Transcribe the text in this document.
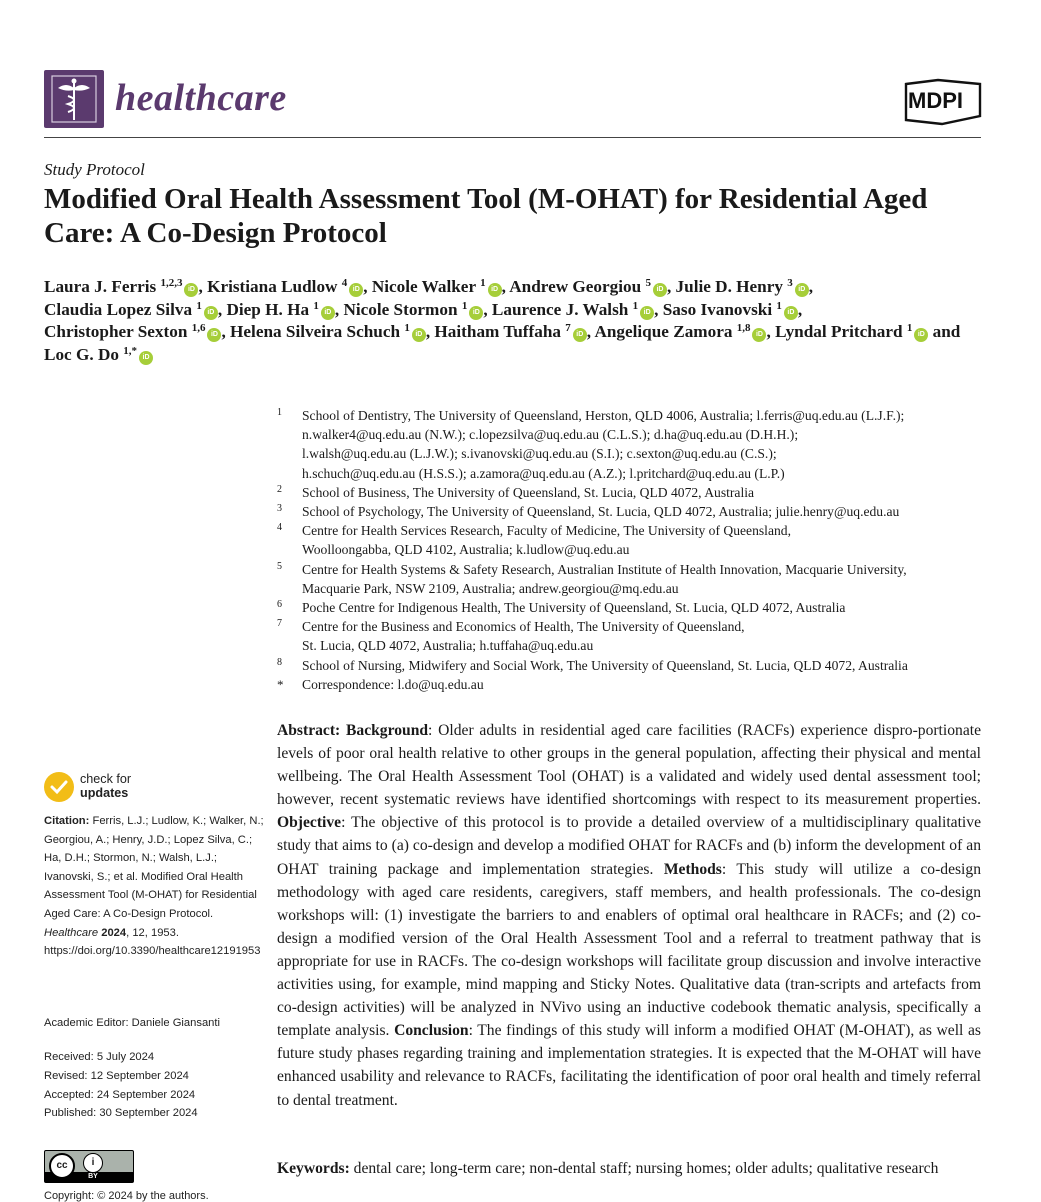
healthcare	MDPI
Study Protocol
Modified Oral Health Assessment Tool (M-OHAT) for Residential Aged Care: A Co-Design Protocol
Laura J. Ferris $^{1,2,3}$iD , Kristiana Ludlow $^4$iD , Nicole Walker $^1$iD , Andrew Georgiou $^5$iD , Julie D. Henry $^3$iD , Claudia Lopez Silva $^1$iD , Diep H. Ha $^1$iD , Nicole Stormon $^1$iD , Laurence J. Walsh $^1$iD , Saso Ivanovski $^1$iD , Christopher Sexton $^{1,6}$iD , Helena Silveira Schuch $^1$iD , Haitham Tuffaha $^7$iD , Angelique Zamora $^{1,8}$iD , Lyndal Pritchard $^1$iD and Loc G. Do $^{1,*}$iD
1 School of Dentistry, The University of Queensland, Herston, QLD 4006, Australia; l.ferris@uq.edu.au (L.J.F.);
n.walker4@uq.edu.au (N.W.); c.lopezsilva@uq.edu.au (C.L.S.); d.ha@uq.edu.au (D.H.H.);
l.walsh@uq.edu.au (L.J.W.); s.ivanovski@uq.edu.au (S.I.); c.sexton@uq.edu.au (C.S.);
h.schuch@uq.edu.au (H.S.S.); a.zamora@uq.edu.au (A.Z.); l.pritchard@uq.edu.au (L.P.)
2 School of Business, The University of Queensland, St. Lucia, QLD 4072, Australia
3 School of Psychology, The University of Queensland, St. Lucia, QLD 4072, Australia; julie.henry@uq.edu.au
4 Centre for Health Services Research, Faculty of Medicine, The University of Queensland,
Woolloongabba, QLD 4102, Australia; k.ludlow@uq.edu.au
5 Centre for Health Systems & Safety Research, Australian Institute of Health Innovation, Macquarie University,
Macquarie Park, NSW 2109, Australia; andrew.georgiou@mq.edu.au
6 Poche Centre for Indigenous Health, The University of Queensland, St. Lucia, QLD 4072, Australia
7 Centre for the Business and Economics of Health, The University of Queensland,
St. Lucia, QLD 4072, Australia; h.tuffaha@uq.edu.au
8 School of Nursing, Midwifery and Social Work, The University of Queensland, St. Lucia, QLD 4072, Australia
* Correspondence: l.do@uq.edu.au
check for
updates
Citation: Ferris, L.J.; Ludlow, K.; Walker, N.; Georgiou, A.; Henry, J.D.; Lopez Silva, C.; Ha, D.H.; Stormon, N.; Walsh, L.J.; Ivanovski, S.; et al. Modified Oral Health Assessment Tool (M-OHAT) for Residential Aged Care: A Co-Design Protocol. Healthcare 2024, 12, 1953. https://doi.org/10.3390/healthcare12191953
Academic Editor: Daniele Giansanti
Received: 5 July 2024
Revised: 12 September 2024
Accepted: 24 September 2024
Published: 30 September 2024
cc	i
BY
Copyright: © 2024 by the authors.
Abstract: Background: Older adults in residential aged care facilities (RACFs) experience dispro-portionate levels of poor oral health relative to other groups in the general population, affecting their physical and mental wellbeing. The Oral Health Assessment Tool (OHAT) is a validated and widely used dental assessment tool; however, recent systematic reviews have identified shortcomings with respect to its measurement properties. Objective: The objective of this protocol is to provide a detailed overview of a multidisciplinary qualitative study that aims to (a) co-design and develop a modified OHAT for RACFs and (b) inform the development of an OHAT training package and implementation strategies. Methods: This study will utilize a co-design methodology with aged care residents, caregivers, staff members, and health professionals. The co-design workshops will: (1) investigate the barriers to and enablers of optimal oral healthcare in RACFs; and (2) co-design a modified version of the Oral Health Assessment Tool and a referral to treatment pathway that is appropriate for use in RACFs. The co-design workshops will facilitate group discussion and involve interactive activities using, for example, mind mapping and Sticky Notes. Qualitative data (tran-scripts and artefacts from co-design activities) will be analyzed in NVivo using an inductive codebook thematic analysis, specifically a template analysis. Conclusion: The findings of this study will inform a modified OHAT (M-OHAT), as well as future study phases regarding training and implementation strategies. It is expected that the M-OHAT will have enhanced usability and relevance to RACFs, facilitating the identification of poor oral health and timely referral to dental treatment.
Keywords: dental care; long-term care; non-dental staff; nursing homes; older adults; qualitative research
